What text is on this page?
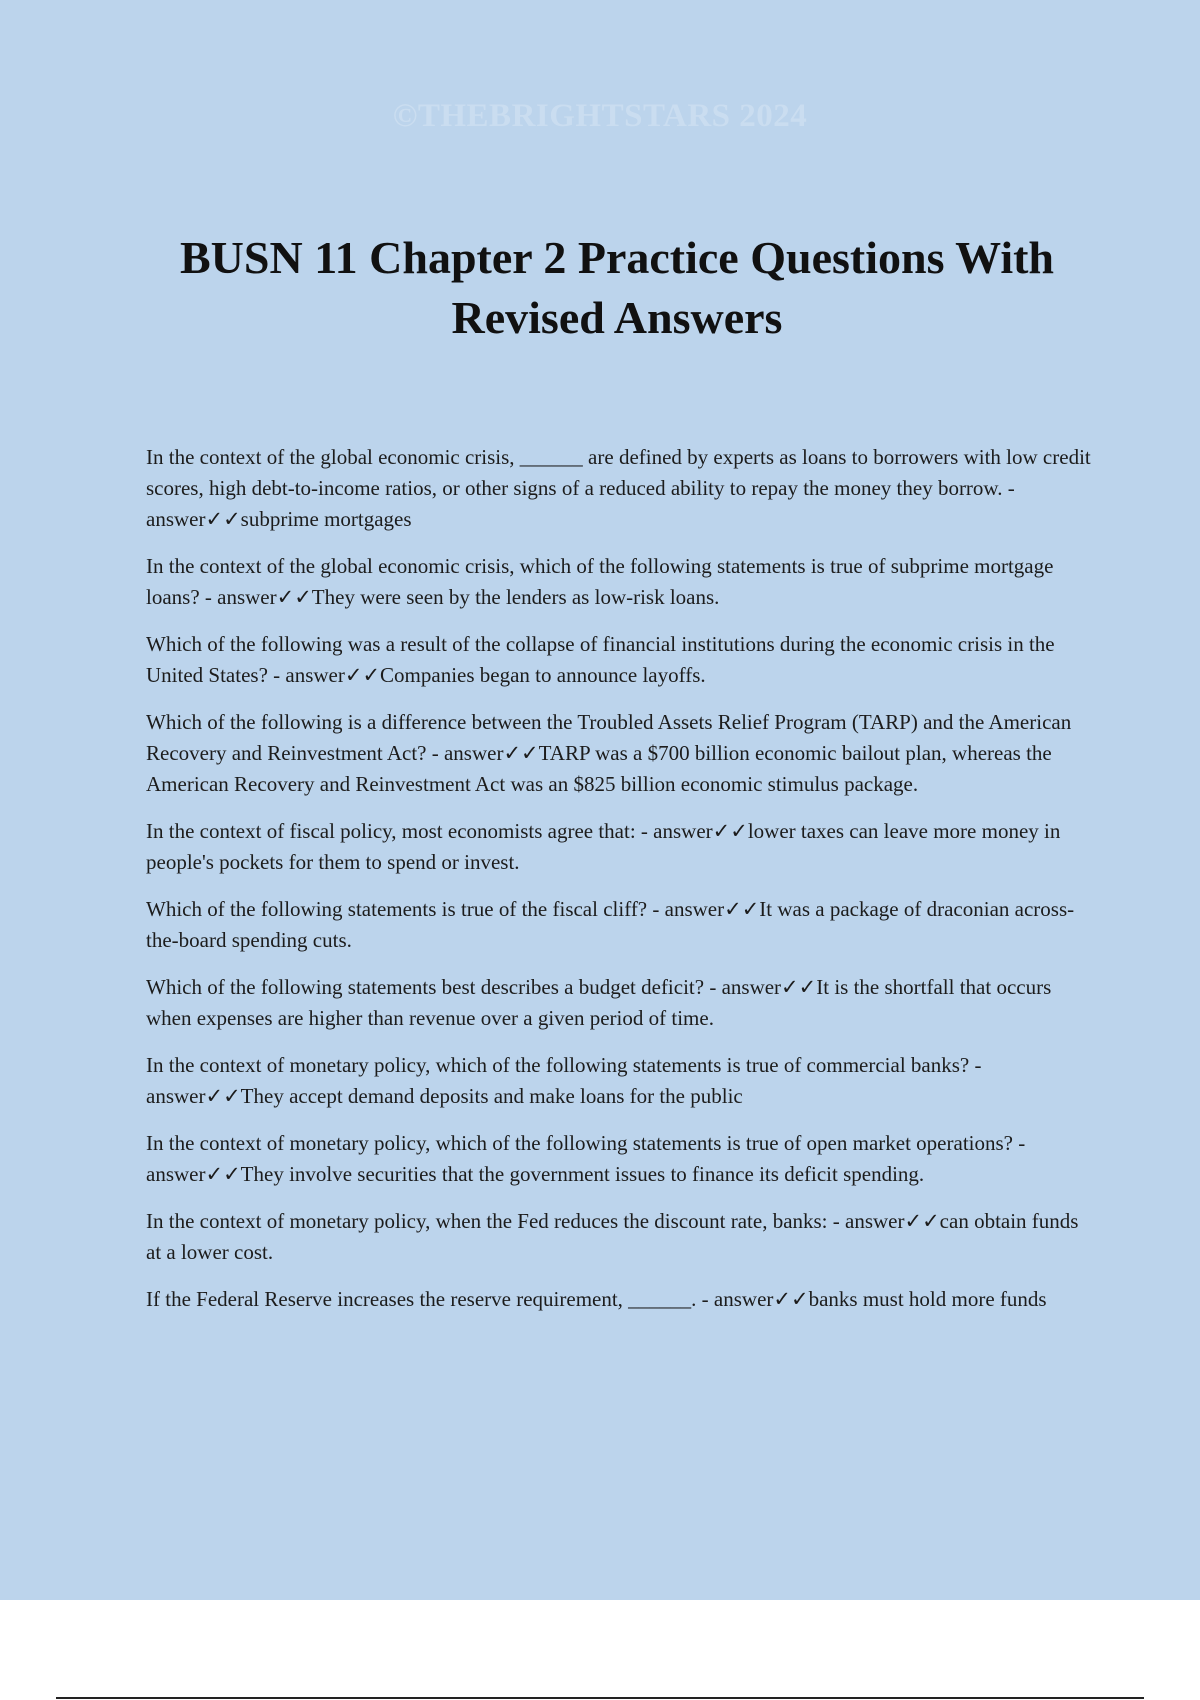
©THEBRIGHTSTARS 2024
BUSN 11 Chapter 2 Practice Questions With Revised Answers
In the context of the global economic crisis, ______ are defined by experts as loans to borrowers with low credit scores, high debt-to-income ratios, or other signs of a reduced ability to repay the money they borrow. - answer✓✓subprime mortgages
In the context of the global economic crisis, which of the following statements is true of subprime mortgage loans? - answer✓✓They were seen by the lenders as low-risk loans.
Which of the following was a result of the collapse of financial institutions during the economic crisis in the United States? - answer✓✓Companies began to announce layoffs.
Which of the following is a difference between the Troubled Assets Relief Program (TARP) and the American Recovery and Reinvestment Act? - answer✓✓TARP was a $700 billion economic bailout plan, whereas the American Recovery and Reinvestment Act was an $825 billion economic stimulus package.
In the context of fiscal policy, most economists agree that: - answer✓✓lower taxes can leave more money in people's pockets for them to spend or invest.
Which of the following statements is true of the fiscal cliff? - answer✓✓It was a package of draconian across-the-board spending cuts.
Which of the following statements best describes a budget deficit? - answer✓✓It is the shortfall that occurs when expenses are higher than revenue over a given period of time.
In the context of monetary policy, which of the following statements is true of commercial banks? - answer✓✓They accept demand deposits and make loans for the public
In the context of monetary policy, which of the following statements is true of open market operations? - answer✓✓They involve securities that the government issues to finance its deficit spending.
In the context of monetary policy, when the Fed reduces the discount rate, banks: - answer✓✓can obtain funds at a lower cost.
If the Federal Reserve increases the reserve requirement, ______. - answer✓✓banks must hold more funds
